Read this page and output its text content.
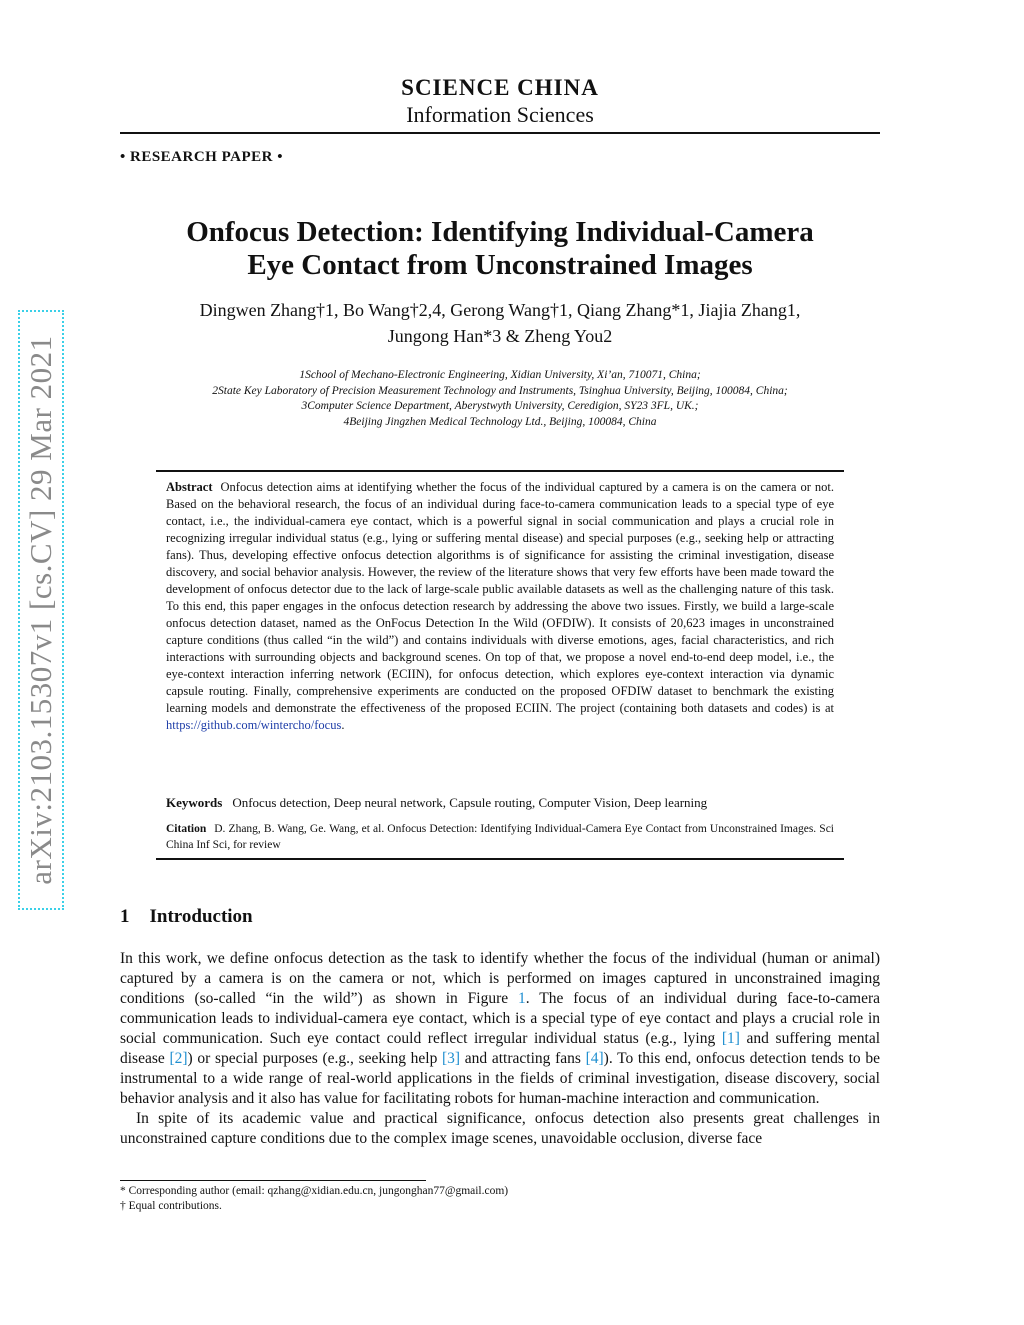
arXiv:2103.15307v1 [cs.CV] 29 Mar 2021
SCIENCE CHINA
Information Sciences
• RESEARCH PAPER •
Onfocus Detection: Identifying Individual-Camera
Eye Contact from Unconstrained Images
Dingwen Zhang†1, Bo Wang†2,4, Gerong Wang†1, Qiang Zhang*1, Jiajia Zhang1,
Jungong Han*3 & Zheng You2
1School of Mechano-Electronic Engineering, Xidian University, Xi’an, 710071, China;
2State Key Laboratory of Precision Measurement Technology and Instruments, Tsinghua University, Beijing, 100084, China;
3Computer Science Department, Aberystwyth University, Ceredigion, SY23 3FL, UK.;
4Beijing Jingzhen Medical Technology Ltd., Beijing, 100084, China
Abstract Onfocus detection aims at identifying whether the focus of the individual captured by a camera is on the camera or not. Based on the behavioral research, the focus of an individual during face-to-camera communication leads to a special type of eye contact, i.e., the individual-camera eye contact, which is a powerful signal in social communication and plays a crucial role in recognizing irregular individual status (e.g., lying or suffering mental disease) and special purposes (e.g., seeking help or attracting fans). Thus, developing effective onfocus detection algorithms is of significance for assisting the criminal investigation, disease discovery, and social behavior analysis. However, the review of the literature shows that very few efforts have been made toward the development of onfocus detector due to the lack of large-scale public available datasets as well as the challenging nature of this task. To this end, this paper engages in the onfocus detection research by addressing the above two issues. Firstly, we build a large-scale onfocus detection dataset, named as the OnFocus Detection In the Wild (OFDIW). It consists of 20,623 images in unconstrained capture conditions (thus called “in the wild”) and contains individuals with diverse emotions, ages, facial characteristics, and rich interactions with surrounding objects and background scenes. On top of that, we propose a novel end-to-end deep model, i.e., the eye-context interaction inferring network (ECIIN), for onfocus detection, which explores eye-context interaction via dynamic capsule routing. Finally, comprehensive experiments are conducted on the proposed OFDIW dataset to benchmark the existing learning models and demonstrate the effectiveness of the proposed ECIIN. The project (containing both datasets and codes) is at https://github.com/wintercho/focus.
Keywords Onfocus detection, Deep neural network, Capsule routing, Computer Vision, Deep learning
Citation D. Zhang, B. Wang, Ge. Wang, et al. Onfocus Detection: Identifying Individual-Camera Eye Contact from Unconstrained Images. Sci China Inf Sci, for review
1 Introduction

In this work, we define onfocus detection as the task to identify whether the focus of the individual (human or animal) captured by a camera is on the camera or not, which is performed on images captured in unconstrained imaging conditions (so-called “in the wild”) as shown in Figure 1. The focus of an individual during face-to-camera communication leads to individual-camera eye contact, which is a special type of eye contact and plays a crucial role in social communication. Such eye contact could reflect irregular individual status (e.g., lying [1] and suffering mental disease [2]) or special purposes (e.g., seeking help [3] and attracting fans [4]). To this end, onfocus detection tends to be instrumental to a wide range of real-world applications in the fields of criminal investigation, disease discovery, social behavior analysis and it also has value for facilitating robots for human-machine interaction and communication.

In spite of its academic value and practical significance, onfocus detection also presents great challenges in unconstrained capture conditions due to the complex image scenes, unavoidable occlusion, diverse face

* Corresponding author (email: qzhang@xidian.edu.cn, jungonghan77@gmail.com)
† Equal contributions.
